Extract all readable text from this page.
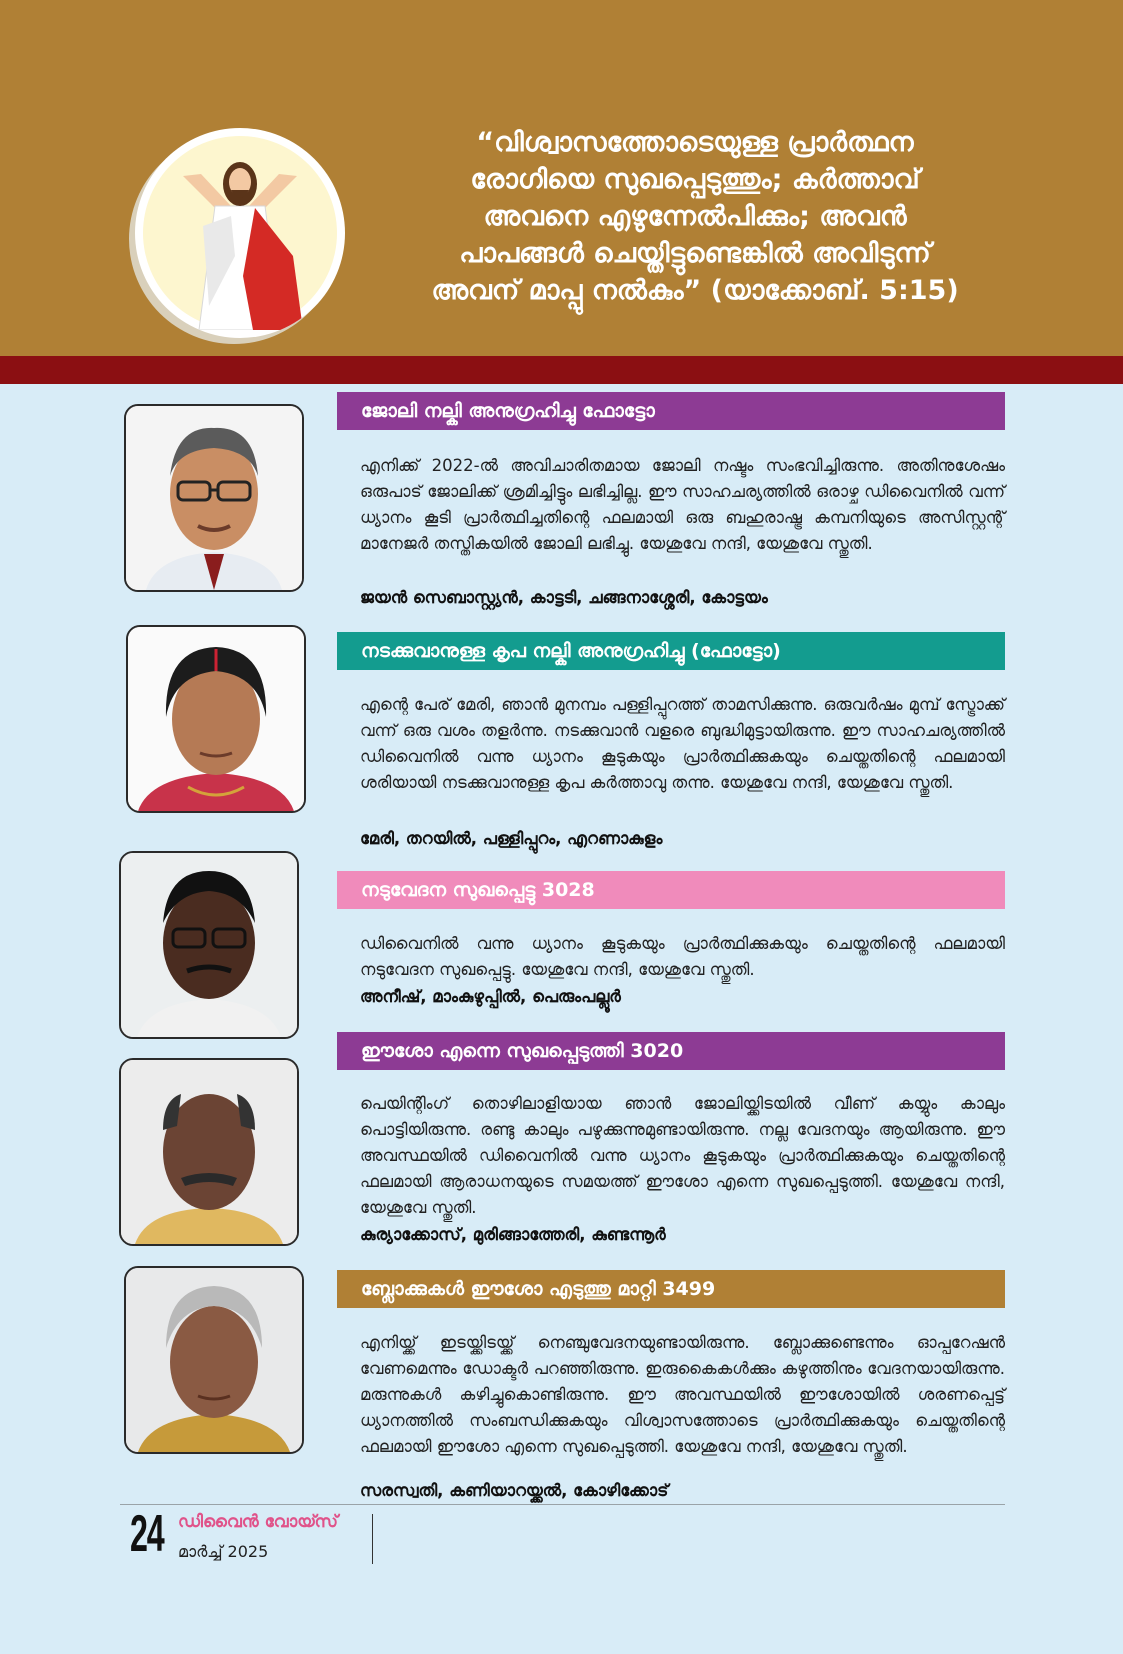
“വിശ്വാസത്തോടെയുള്ള പ്രാർത്ഥന
രോഗിയെ സുഖപ്പെടുത്തും; കർത്താവ്
അവനെ എഴുന്നേൽപിക്കും; അവൻ
പാപങ്ങൾ ചെയ്തിട്ടുണ്ടെങ്കിൽ അവിടുന്ന്
അവന് മാപ്പു നൽകും” (യാക്കോബ്. 5:15)
ജോലി നല്കി അനുഗ്രഹിച്ചു ഫോട്ടോ
എനിക്ക് 2022-ൽ അവിചാരിതമായ ജോലി നഷ്ടം സംഭവിച്ചിരുന്നു. അതിനുശേഷം ഒരുപാട് ജോലിക്ക് ശ്രമിച്ചിട്ടും ലഭിച്ചില്ല. ഈ സാഹചര്യത്തിൽ ഒരാഴ്ച ഡിവൈനിൽ വന്ന് ധ്യാനം കൂടി പ്രാർത്ഥിച്ചതിന്റെ ഫലമായി ഒരു ബഹുരാഷ്ട്ര കമ്പനിയുടെ അസിസ്റ്റന്റ് മാനേജർ തസ്തികയിൽ ജോലി ലഭിച്ചു. യേശുവേ നന്ദി, യേശുവേ സ്തുതി.
ജയൻ സെബാസ്റ്റ്യൻ, കാട്ടടി, ചങ്ങനാശ്ശേരി, കോട്ടയം
നടക്കുവാനുള്ള കൃപ നല്കി അനുഗ്രഹിച്ചു (ഫോട്ടോ)
എന്റെ പേര് മേരി, ഞാൻ മുനമ്പം പള്ളിപ്പുറത്ത് താമസിക്കുന്നു. ഒരുവർഷം മുമ്പ് സ്ട്രോക്ക് വന്ന് ഒരു വശം തളർന്നു. നടക്കുവാൻ വളരെ ബുദ്ധിമുട്ടായിരുന്നു. ഈ സാഹചര്യത്തിൽ ഡിവൈനിൽ വന്നു ധ്യാനം കൂടുകയും പ്രാർത്ഥിക്കുകയും ചെയ്തതിന്റെ ഫലമായി ശരിയായി നടക്കുവാനുള്ള കൃപ കർത്താവു തന്നു. യേശുവേ നന്ദി, യേശുവേ സ്തുതി.
മേരി, തറയിൽ, പള്ളിപ്പുറം, എറണാകുളം
നടുവേദന സുഖപ്പെട്ടു 3028
ഡിവൈനിൽ വന്നു ധ്യാനം കൂടുകയും പ്രാർത്ഥിക്കുകയും ചെയ്തതിന്റെ ഫലമായി നടുവേദന സുഖപ്പെട്ടു. യേശുവേ നന്ദി, യേശുവേ സ്തുതി.
അനീഷ്, മാംകുഴുപ്പിൽ, പെരുംപല്ലൂർ
ഈശോ എന്നെ സുഖപ്പെടുത്തി 3020
പെയിന്റിംഗ് തൊഴിലാളിയായ ഞാൻ ജോലിയ്ക്കിടയിൽ വീണ് കയ്യും കാലും പൊട്ടിയിരുന്നു. രണ്ടു കാലും പഴുക്കുന്നുമുണ്ടായിരുന്നു. നല്ല വേദനയും ആയിരുന്നു. ഈ അവസ്ഥയിൽ ഡിവൈനിൽ വന്നു ധ്യാനം കൂടുകയും പ്രാർത്ഥിക്കുകയും ചെയ്തതിന്റെ ഫലമായി ആരാധനയുടെ സമയത്ത് ഈശോ എന്നെ സുഖപ്പെടുത്തി. യേശുവേ നന്ദി, യേശുവേ സ്തുതി.
കുര്യാക്കോസ്, മുരിങ്ങാത്തേരി, കുണ്ടന്നൂർ
ബ്ലോക്കുകൾ ഈശോ എടുത്തു മാറ്റി 3499
എനിയ്ക്ക് ഇടയ്ക്കിടയ്ക്ക് നെഞ്ചുവേദനയുണ്ടായിരുന്നു. ബ്ലോക്കുണ്ടെന്നും ഓപ്പറേഷൻ വേണമെന്നും ഡോക്ടർ പറഞ്ഞിരുന്നു. ഇരുകൈകൾക്കും കഴുത്തിനും വേദനയായിരുന്നു. മരുന്നുകൾ കഴിച്ചുകൊണ്ടിരുന്നു. ഈ അവസ്ഥയിൽ ഈശോയിൽ ശരണപ്പെട്ട് ധ്യാനത്തിൽ സംബന്ധിക്കുകയും വിശ്വാസത്തോടെ പ്രാർത്ഥിക്കുകയും ചെയ്തതിന്റെ ഫലമായി ഈശോ എന്നെ സുഖപ്പെടുത്തി. യേശുവേ നന്ദി, യേശുവേ സ്തുതി.
സരസ്വതി, കണിയാറയ്ക്കൽ, കോഴിക്കോട്
24 ഡിവൈൻ വോയ്സ്
മാർച്ച് 2025
